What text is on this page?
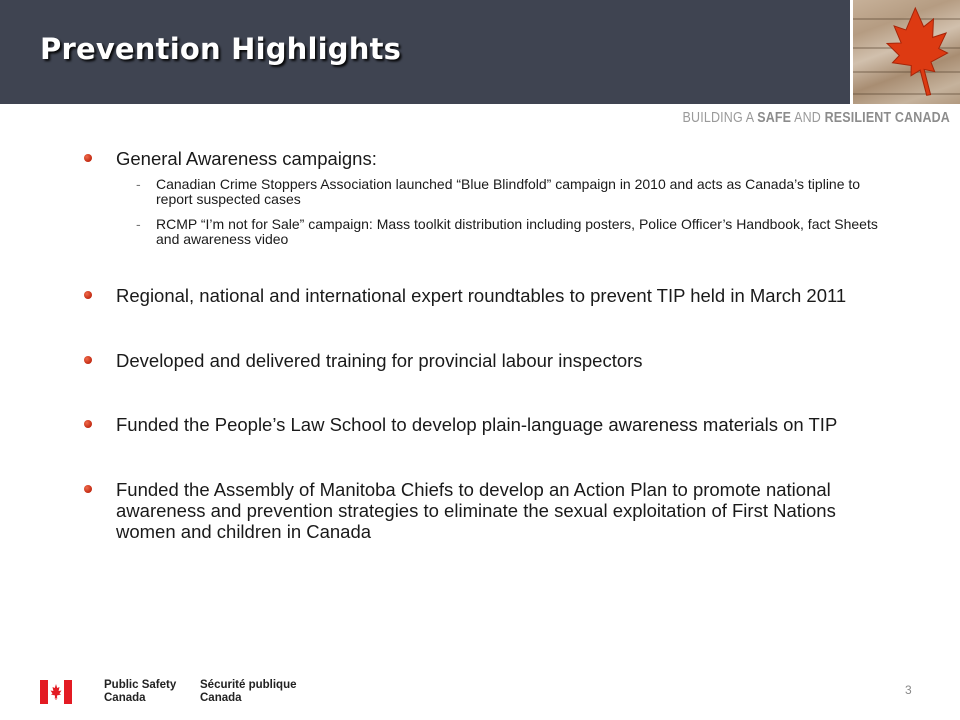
Prevention Highlights
BUILDING A SAFE AND RESILIENT CANADA
General Awareness campaigns:
- Canadian Crime Stoppers Association launched “Blue Blindfold” campaign in 2010 and acts as Canada’s tipline to report suspected cases
- RCMP “I’m not for Sale” campaign: Mass toolkit distribution including posters, Police Officer’s Handbook, fact Sheets and awareness video
Regional, national and international expert roundtables to prevent TIP held in March 2011
Developed and delivered training for provincial labour inspectors
Funded the People’s Law School to develop plain-language awareness materials on TIP
Funded the Assembly of Manitoba Chiefs to develop an Action Plan to promote national awareness and prevention strategies to eliminate the sexual exploitation of First Nations women and children in Canada
Public Safety
Canada
Sécurité publique
Canada
3
